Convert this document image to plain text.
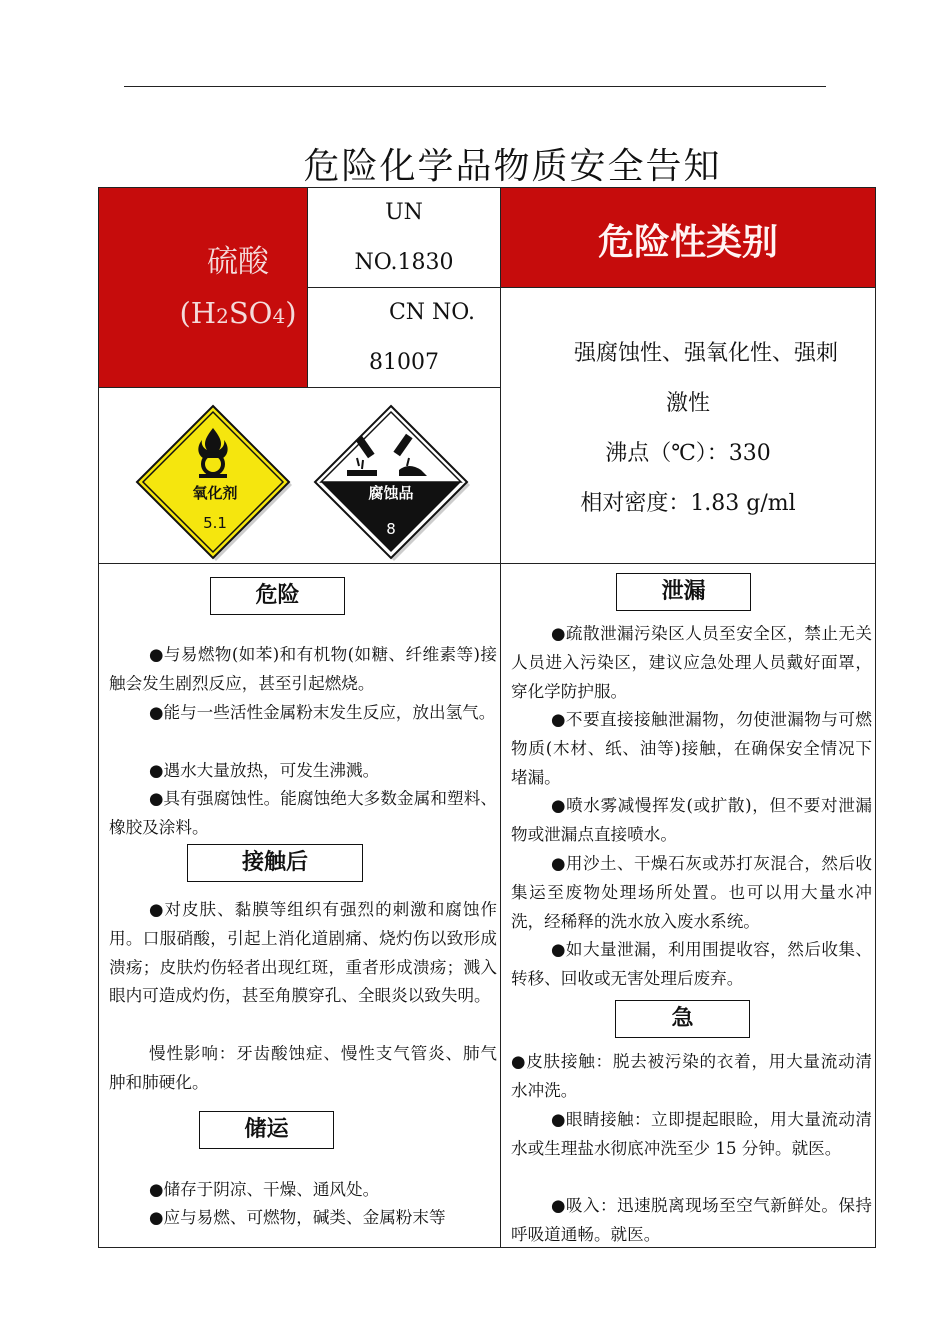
危险化学品物质安全告知
硫酸
(H2SO4)
UN
NO.1830
CN NO.
81007
危险性类别
强腐蚀性、强氧化性、强刺
激性
沸点（℃）：330
相对密度：1.83 g/ml
氧化剂
5.1
腐蚀品
8
危险
●与易燃物(如苯)和有机物(如糖、纤维素等)接触会发生剧烈反应，甚至引起燃烧。
●能与一些活性金属粉末发生反应，放出氢气。
●遇水大量放热，可发生沸溅。
●具有强腐蚀性。能腐蚀绝大多数金属和塑料、橡胶及涂料。
接触后
●对皮肤、黏膜等组织有强烈的刺激和腐蚀作用。口服硝酸，引起上消化道剧痛、烧灼伤以致形成溃疡；皮肤灼伤轻者出现红斑，重者形成溃疡；溅入眼内可造成灼伤，甚至角膜穿孔、全眼炎以致失明。
慢性影响：牙齿酸蚀症、慢性支气管炎、肺气肿和肺硬化。
储运
●储存于阴凉、干燥、通风处。
●应与易燃、可燃物，碱类、金属粉末等
泄漏
●疏散泄漏污染区人员至安全区，禁止无关人员进入污染区，建议应急处理人员戴好面罩，穿化学防护服。
●不要直接接触泄漏物，勿使泄漏物与可燃物质(木材、纸、油等)接触，在确保安全情况下堵漏。
●喷水雾减慢挥发(或扩散)，但不要对泄漏物或泄漏点直接喷水。
●用沙土、干燥石灰或苏打灰混合，然后收集运至废物处理场所处置。也可以用大量水冲洗，经稀释的洗水放入废水系统。
●如大量泄漏，利用围提收容，然后收集、转移、回收或无害处理后废弃。
急
●皮肤接触：脱去被污染的衣着，用大量流动清水冲洗。
●眼睛接触：立即提起眼睑，用大量流动清水或生理盐水彻底冲洗至少 15 分钟。就医。
●吸入：迅速脱离现场至空气新鲜处。保持呼吸道通畅。就医。
